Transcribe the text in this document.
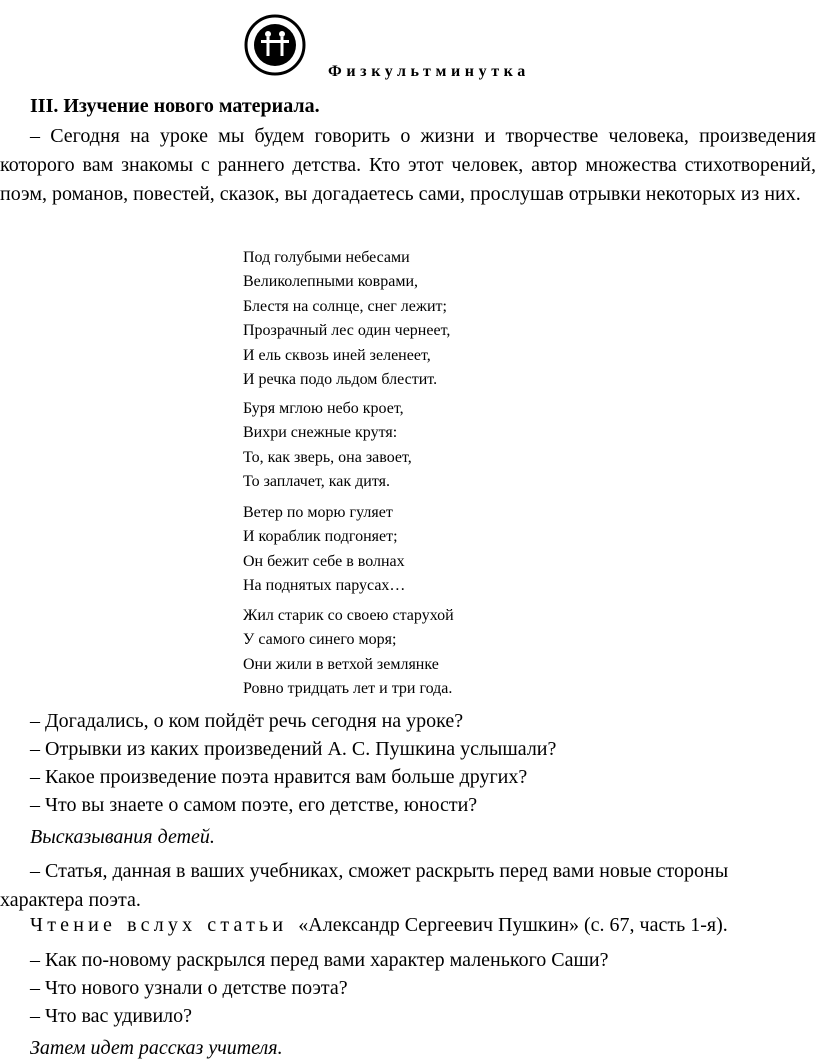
Физкультминутка
III. Изучение нового материала.

– Сегодня на уроке мы будем говорить о жизни и творчестве человека, произведения которого вам знакомы с раннего детства. Кто этот человек, автор множества стихотворений, поэм, романов, повестей, сказок, вы догадаетесь сами, прослушав отрывки некоторых из них.

Под голубыми небесами
Великолепными коврами,
Блестя на солнце, снег лежит;
Прозрачный лес один чернеет,
И ель сквозь иней зеленеет,
И речка подо льдом блестит.
Буря мглою небо кроет,
Вихри снежные крутя:
То, как зверь, она завоет,
То заплачет, как дитя.
Ветер по морю гуляет
И кораблик подгоняет;
Он бежит себе в волнах
На поднятых парусах…
Жил старик со своею старухой
У самого синего моря;
Они жили в ветхой землянке
Ровно тридцать лет и три года.
– Догадались, о ком пойдёт речь сегодня на уроке?
– Отрывки из каких произведений А. С. Пушкина услышали?
– Какое произведение поэта нравится вам больше других?
– Что вы знаете о самом поэте, его детстве, юности?
Высказывания детей.

– Статья, данная в ваших учебниках, сможет раскрыть перед вами новые стороны характера поэта.

Чтение вслух статьи «Александр Сергеевич Пушкин» (с. 67, часть 1-я).
– Как по-новому раскрылся перед вами характер маленького Саши?
– Что нового узнали о детстве поэта?
– Что вас удивило?
Затем идет рассказ учителя.
